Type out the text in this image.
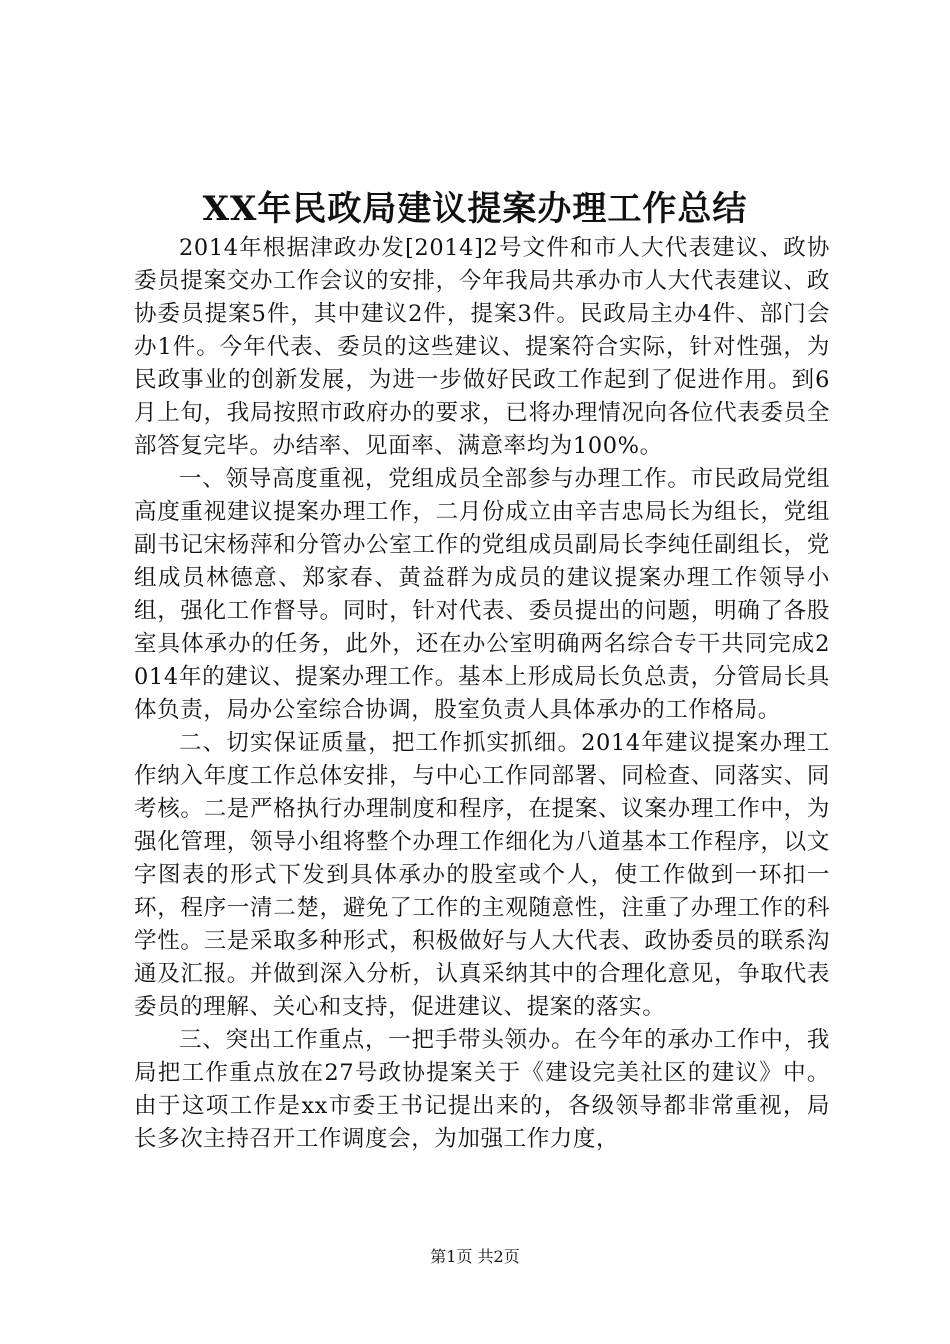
XX年民政局建议提案办理工作总结

2014年根据津政办发[2014]2号文件和市人大代表建议、政协委员提案交办工作会议的安排，今年我局共承办市人大代表建议、政协委员提案5件，其中建议2件，提案3件。民政局主办4件、部门会办1件。今年代表、委员的这些建议、提案符合实际，针对性强，为民政事业的创新发展，为进一步做好民政工作起到了促进作用。到6月上旬，我局按照市政府办的要求，已将办理情况向各位代表委员全部答复完毕。办结率、见面率、满意率均为100%。

一、领导高度重视，党组成员全部参与办理工作。市民政局党组高度重视建议提案办理工作，二月份成立由辛吉忠局长为组长，党组副书记宋杨萍和分管办公室工作的党组成员副局长李纯任副组长，党组成员林德意、郑家春、黄益群为成员的建议提案办理工作领导小组，强化工作督导。同时，针对代表、委员提出的问题，明确了各股室具体承办的任务，此外，还在办公室明确两名综合专干共同完成2014年的建议、提案办理工作。基本上形成局长负总责，分管局长具体负责，局办公室综合协调，股室负责人具体承办的工作格局。

二、切实保证质量，把工作抓实抓细。2014年建议提案办理工作纳入年度工作总体安排，与中心工作同部署、同检查、同落实、同考核。二是严格执行办理制度和程序，在提案、议案办理工作中，为强化管理，领导小组将整个办理工作细化为八道基本工作程序，以文字图表的形式下发到具体承办的股室或个人，使工作做到一环扣一环，程序一清二楚，避免了工作的主观随意性，注重了办理工作的科学性。三是采取多种形式，积极做好与人大代表、政协委员的联系沟通及汇报。并做到深入分析，认真采纳其中的合理化意见，争取代表委员的理解、关心和支持，促进建议、提案的落实。

三、突出工作重点，一把手带头领办。在今年的承办工作中，我局把工作重点放在27号政协提案关于《建设完美社区的建议》中。由于这项工作是xx市委王书记提出来的，各级领导都非常重视，局长多次主持召开工作调度会，为加强工作力度，

第1页 共2页
